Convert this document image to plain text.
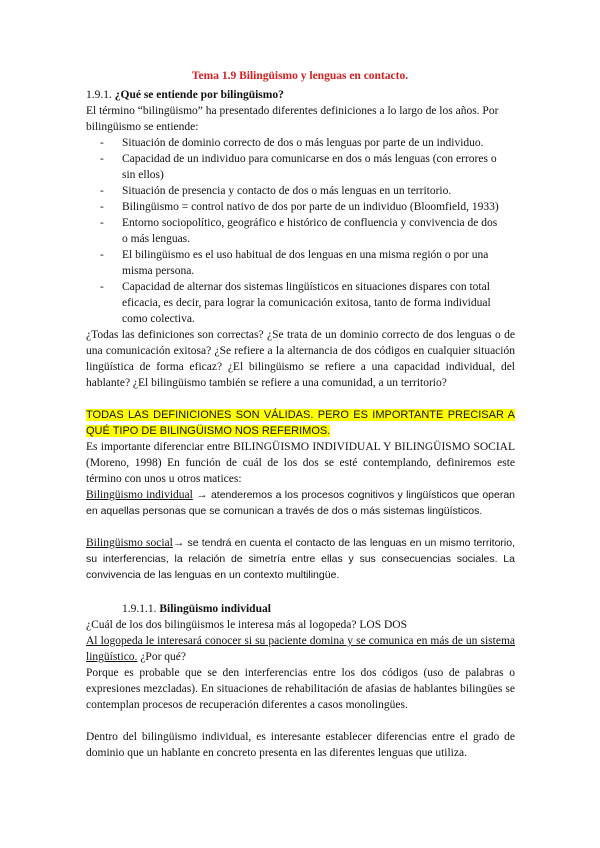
Tema 1.9 Bilingüismo y lenguas en contacto.
1.9.1. ¿Qué se entiende por bilingüismo?
El término “bilingüismo” ha presentado diferentes definiciones a lo largo de los años. Por
bilingüismo se entiende:
- Situación de dominio correcto de dos o más lenguas por parte de un individuo.
- Capacidad de un individuo para comunicarse en dos o más lenguas (con errores o
sin ellos)
- Situación de presencia y contacto de dos o más lenguas en un territorio.
- Bilingüismo = control nativo de dos por parte de un individuo (Bloomfield, 1933)
- Entorno sociopolítico, geográfico e histórico de confluencia y convivencia de dos
o más lenguas.
- El bilingüismo es el uso habitual de dos lenguas en una misma región o por una
misma persona.
- Capacidad de alternar dos sistemas lingüísticos en situaciones dispares con total
eficacia, es decir, para lograr la comunicación exitosa, tanto de forma individual
como colectiva.
¿Todas las definiciones son correctas? ¿Se trata de un dominio correcto de dos lenguas o de una comunicación exitosa? ¿Se refiere a la alternancia de dos códigos en cualquier situación lingüística de forma eficaz? ¿El bilingüismo se refiere a una capacidad individual, del hablante? ¿El bilingüismo también se refiere a una comunidad, a un territorio?
TODAS LAS DEFINICIONES SON VÁLIDAS. PERO ES IMPORTANTE PRECISAR A QUÉ TIPO DE BILINGÜISMO NOS REFERIMOS.
Es importante diferenciar entre BILINGÜISMO INDIVIDUAL Y BILINGÜISMO SOCIAL (Moreno, 1998) En función de cuál de los dos se esté contemplando, definiremos este término con unos u otros matices:
Bilingüismo individual → atenderemos a los procesos cognitivos y lingüísticos que operan en aquellas personas que se comunican a través de dos o más sistemas lingüísticos.
Bilingüismo social→ se tendrá en cuenta el contacto de las lenguas en un mismo territorio, su interferencias, la relación de simetría entre ellas y sus consecuencias sociales. La convivencia de las lenguas en un contexto multilingüe.
1.9.1.1. Bilingüismo individual
¿Cuál de los dos bilingüismos le interesa más al logopeda? LOS DOS
Al logopeda le interesará conocer si su paciente domina y se comunica en más de un sistema lingüístico. ¿Por qué?
Porque es probable que se den interferencias entre los dos códigos (uso de palabras o expresiones mezcladas). En situaciones de rehabilitación de afasias de hablantes bilingües se contemplan procesos de recuperación diferentes a casos monolingües.
Dentro del bilingüismo individual, es interesante establecer diferencias entre el grado de dominio que un hablante en concreto presenta en las diferentes lenguas que utiliza.
